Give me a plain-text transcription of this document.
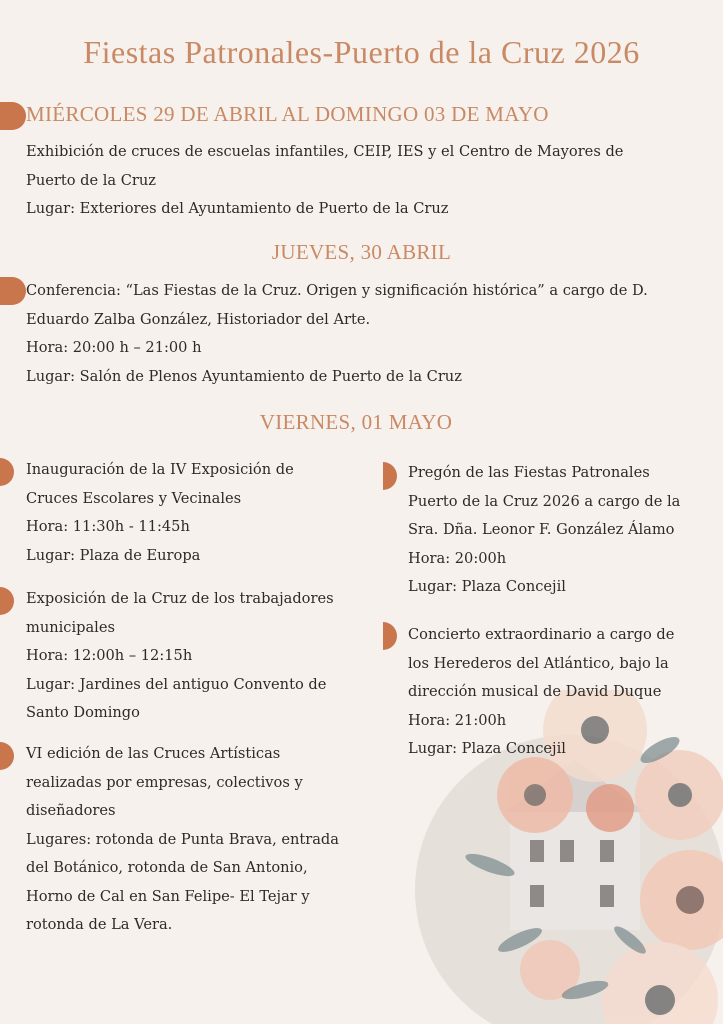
Fiestas Patronales-Puerto de la Cruz 2026
MIÉRCOLES 29 DE ABRIL AL DOMINGO 03 DE MAYO

Exhibición de cruces de escuelas infantiles, CEIP, IES y el Centro de Mayores de

Puerto de la Cruz

Lugar: Exteriores del Ayuntamiento de Puerto de la Cruz

JUEVES, 30 ABRIL

Conferencia: “Las Fiestas de la Cruz. Origen y significación histórica” a cargo de D.

Eduardo Zalba González, Historiador del Arte.

Hora: 20:00 h – 21:00 h

Lugar: Salón de Plenos Ayuntamiento de Puerto de la Cruz

VIERNES, 01 MAYO

Inauguración de la IV Exposición de

Cruces Escolares y Vecinales

Hora: 11:30h - 11:45h

Lugar: Plaza de Europa

Exposición de la Cruz de los trabajadores

municipales

Hora: 12:00h – 12:15h

Lugar: Jardines del antiguo Convento de

Santo Domingo

VI edición de las Cruces Artísticas

realizadas por empresas, colectivos y

diseñadores

Lugares: rotonda de Punta Brava, entrada

del Botánico, rotonda de San Antonio,

Horno de Cal en San Felipe- El Tejar y

rotonda de La Vera.

Pregón de las Fiestas Patronales

Puerto de la Cruz 2026 a cargo de la

Sra. Dña. Leonor F. González Álamo

Hora: 20:00h

Lugar: Plaza Concejil

Concierto extraordinario a cargo de

los Herederos del Atlántico, bajo la

dirección musical de David Duque

Hora: 21:00h

Lugar: Plaza Concejil
